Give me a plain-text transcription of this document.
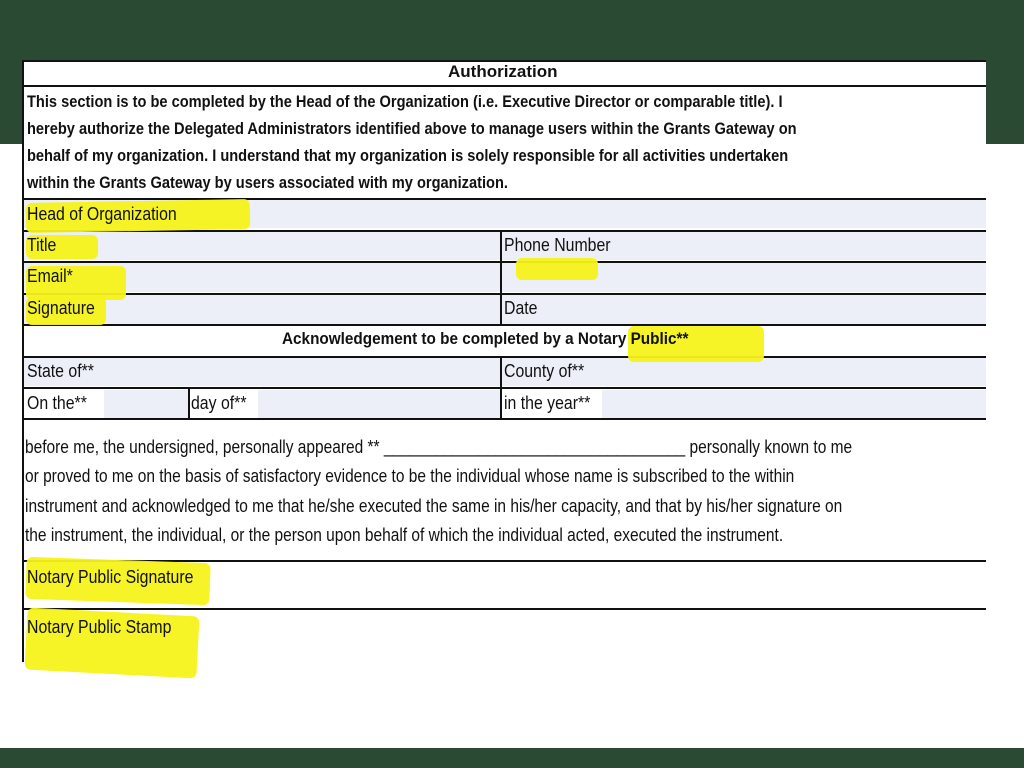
Authorization
This section is to be completed by the Head of the Organization (i.e. Executive Director or comparable title). I
hereby authorize the Delegated Administrators identified above to manage users within the Grants Gateway on
behalf of my organization. I understand that my organization is solely responsible for all activities undertaken
within the Grants Gateway by users associated with my organization.
Head of Organization
Title	Phone Number
Email*
Signature	Date
Acknowledgement to be completed by a Notary Public**
State of**	County of**
On the**	day of**	in the year**
before me, the undersigned, personally appeared ** ___________________________________ personally known to me
or proved to me on the basis of satisfactory evidence to be the individual whose name is subscribed to the within
instrument and acknowledged to me that he/she executed the same in his/her capacity, and that by his/her signature on
the instrument, the individual, or the person upon behalf of which the individual acted, executed the instrument.
Notary Public Signature
Notary Public Stamp
